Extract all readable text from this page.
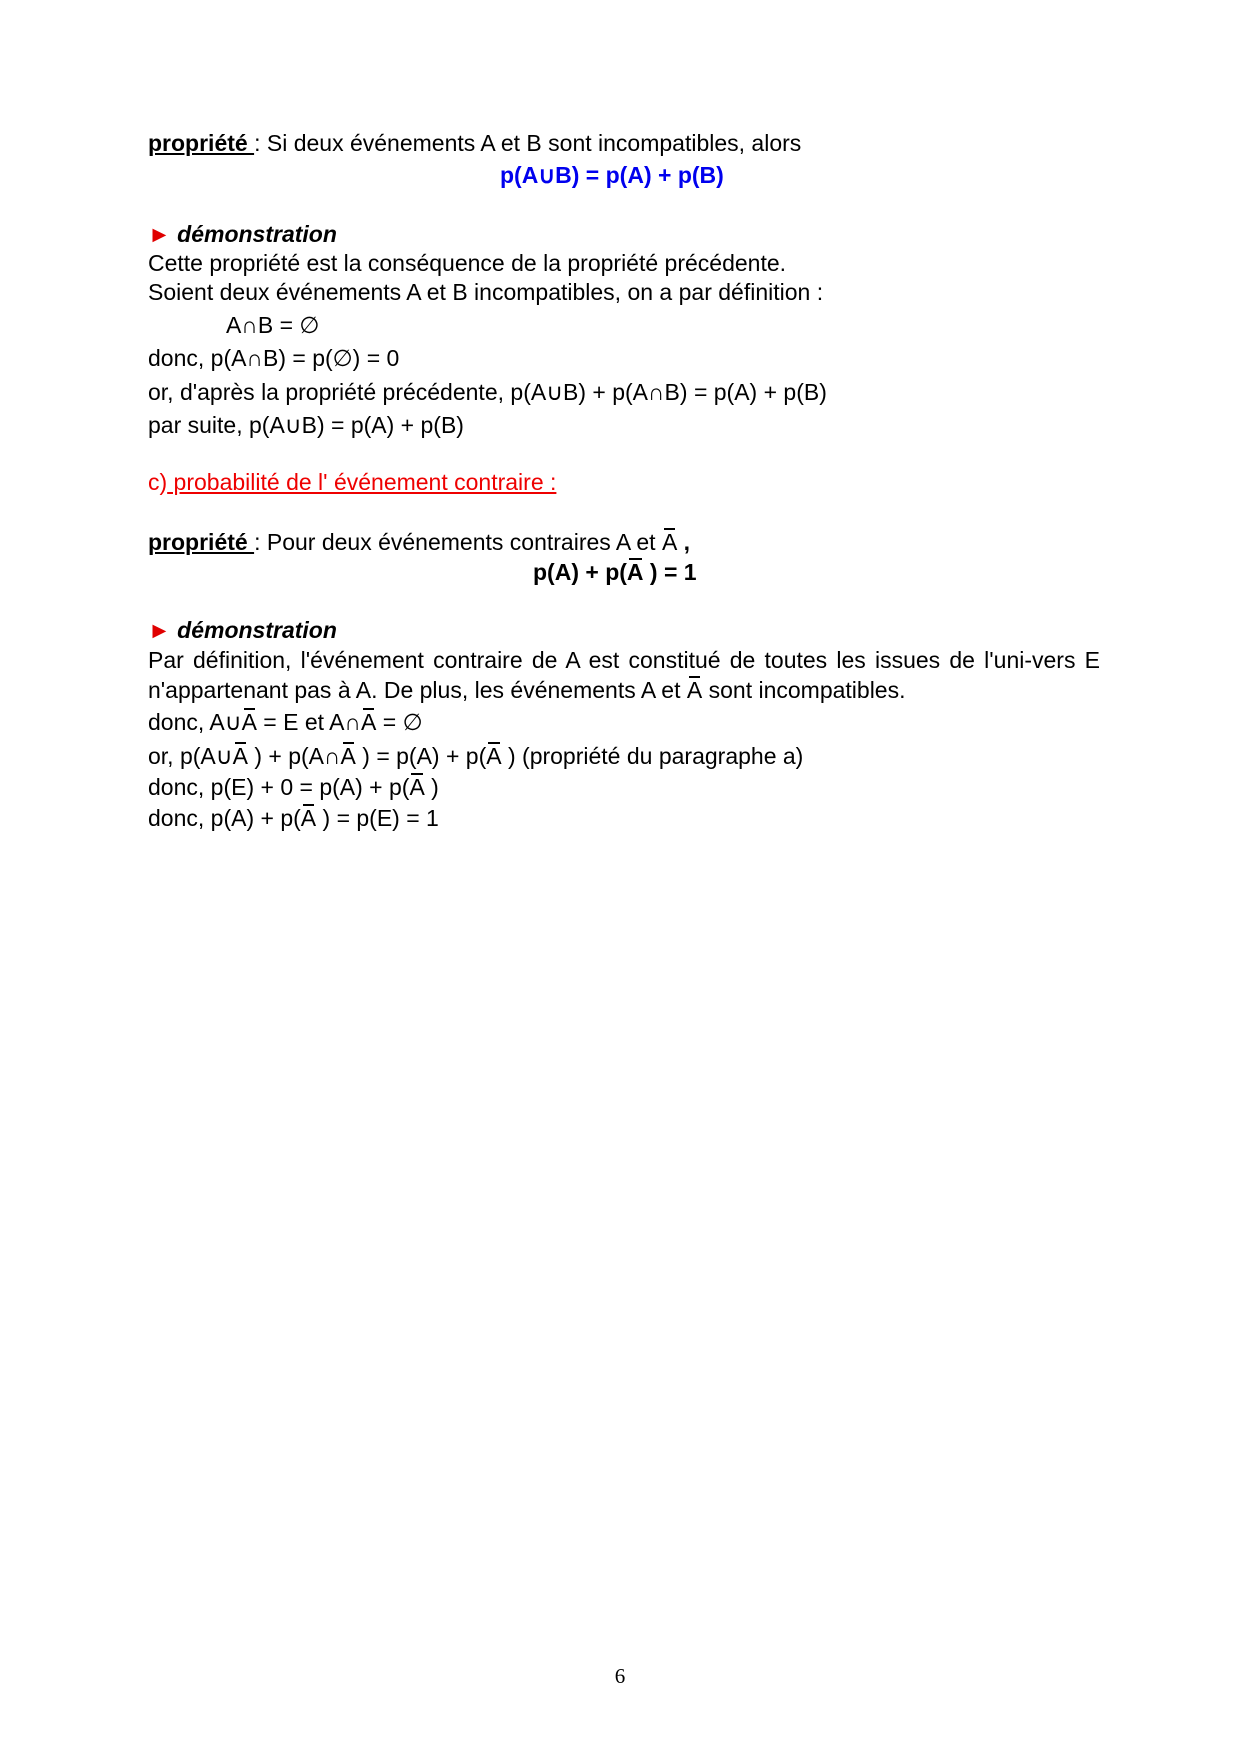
propriété : Si deux événements A et B sont incompatibles, alors
p(A∪B) = p(A) + p(B)
► démonstration
Cette propriété est la conséquence de la propriété précédente.
Soient deux événements A et B incompatibles, on a par définition :
A∩B = ∅
donc, p(A∩B) = p(∅) = 0
or, d'après la propriété précédente, p(A∪B) + p(A∩B) = p(A) + p(B)
par suite, p(A∪B) = p(A) + p(B)
c) probabilité de l' événement contraire :
propriété : Pour deux événements contraires A et A ,
p(A) + p(A ) = 1
► démonstration
Par définition, l'événement contraire de A est constitué de toutes les issues de l'uni-vers E n'appartenant pas à A. De plus, les événements A et A sont incompatibles.
donc, A∪A = E et A∩A = ∅
or, p(A∪A ) + p(A∩A ) = p(A) + p(A ) (propriété du paragraphe a)
donc, p(E) + 0 = p(A) + p(A )
donc, p(A) + p(A ) = p(E) = 1
6
